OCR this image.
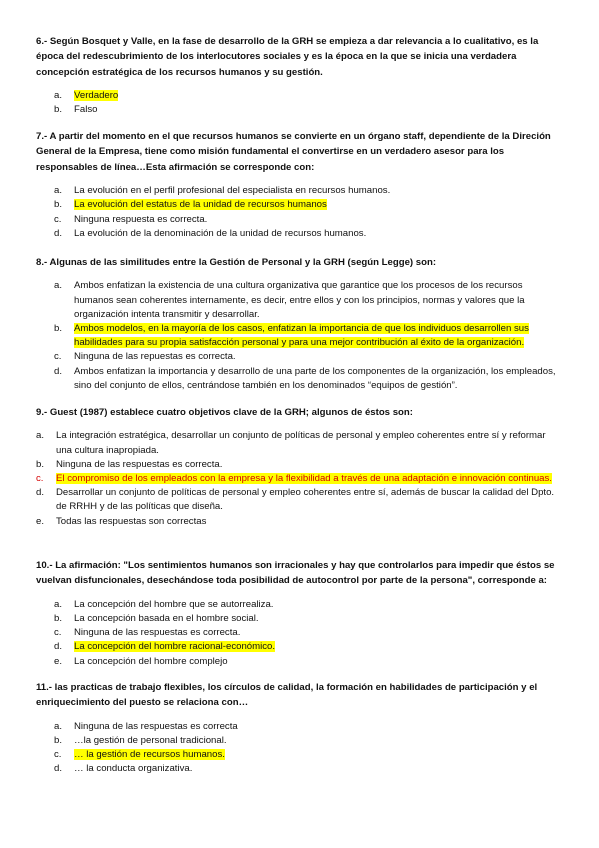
6.- Según Bosquet y Valle, en la fase de desarrollo de la GRH se empieza a dar relevancia a lo cualitativo, es la época del redescubrimiento de los interlocutores sociales y es la época en la que se inicia una verdadera concepción estratégica de los recursos humanos y su gestión.

a. Verdadero
b. Falso

7.- A partir del momento en el que recursos humanos se convierte en un órgano staff, dependiente de la Direción General de la Empresa, tiene como misión fundamental el convertirse en un verdadero asesor para los responsables de línea…Esta afirmación se corresponde con:

a. La evolución en el perfil profesional del especialista en recursos humanos.
b. La evolución del estatus de la unidad de recursos humanos
c. Ninguna respuesta es correcta.
d. La evolución de la denominación de la unidad de recursos humanos.

8.- Algunas de las similitudes entre la Gestión de Personal y la GRH (según Legge) son:

a. Ambos enfatizan la existencia de una cultura organizativa que garantice que los procesos de los recursos humanos sean coherentes internamente, es decir, entre ellos y con los principios, normas y valores que la organización intenta transmitir y desarrollar.
b. Ambos modelos, en la mayoría de los casos, enfatizan la importancia de que los individuos desarrollen sus habilidades para su propia satisfacción personal y para una mejor contribución al éxito de la organización.
c. Ninguna de las repuestas es correcta.
d. Ambos enfatizan la importancia y desarrollo de una parte de los componentes de la organización, los empleados, sino del conjunto de ellos, centrándose también en los denominados “equipos de gestión”.

9.- Guest (1987) establece cuatro objetivos clave de la GRH; algunos de éstos son:

a. La integración estratégica, desarrollar un conjunto de políticas de personal y empleo coherentes entre sí y reformar una cultura inapropiada.
b. Ninguna de las respuestas es correcta.
c. El compromiso de los empleados con la empresa y la flexibilidad a través de una adaptación e innovación continuas.
d. Desarrollar un conjunto de políticas de personal y empleo coherentes entre sí, además de buscar la calidad del Dpto. de RRHH y de las políticas que diseña.
e. Todas las respuestas son correctas

10.- La afirmación: "Los sentimientos humanos son irracionales y hay que controlarlos para impedir que éstos se vuelvan disfuncionales, desechándose toda posibilidad de autocontrol por parte de la persona", corresponde a:

a. La concepción del hombre que se autorrealiza.
b. La concepción basada en el hombre social.
c. Ninguna de las respuestas es correcta.
d. La concepción del hombre racional-económico.
e. La concepción del hombre complejo

11.- las practicas de trabajo flexibles, los círculos de calidad, la formación en habilidades de participación y el enriquecimiento del puesto se relaciona con…

a. Ninguna de las respuestas es correcta
b. …la gestión de personal tradicional.
c. … la gestión de recursos humanos.
d. … la conducta organizativa.
